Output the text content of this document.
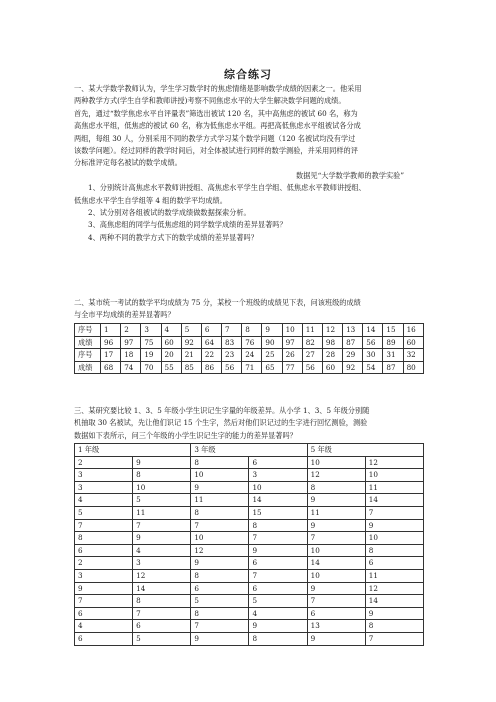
综合练习
一、某大学数学教师认为，学生学习数学时的焦虑情绪是影响数学成绩的因素之一。他采用
两种教学方式(学生自学和教师讲授)考察不同焦虑水平的大学生解决数学问题的成绩。
首先，通过“数学焦虑水平自评量表”筛选出被试 120 名，其中高焦虑的被试 60 名，称为
高焦虑水平组，低焦虑的被试 60 名，称为低焦虑水平组。再把高低焦虑水平组被试各分成
两组，每组 30 人，分别采用不同的教学方式学习某个数学问题（120 名被试均没有学过
该数学问题）。经过同样的教学时间后，对全体被试进行同样的数学测验，并采用同样的评
分标准评定每名被试的数学成绩。
数据见“大学数学教师的教学实验”
1、分别统计高焦虑水平教师讲授组、高焦虑水平学生自学组、低焦虑水平教师讲授组、
低焦虑水平学生自学组等 4 组的数学平均成绩。
2、试分别对各组被试的数学成绩做数据探索分析。
3、高焦虑组的同学与低焦虑组的同学数学成绩的差异显著吗？
4、两种不同的教学方式下的数学成绩的差异显著吗？
二、某市统一考试的数学平均成绩为 75 分，某校一个班级的成绩见下表，问该班级的成绩
与全市平均成绩的差异显著吗？
序号	1	2	3	4	5	6	7	8	9	10	11	12	13	14	15	16
成绩	96	97	75	60	92	64	83	76	90	97	82	98	87	56	89	60
序号	17	18	19	20	21	22	23	24	25	26	27	28	29	30	31	32
成绩	68	74	70	55	85	86	56	71	65	77	56	60	92	54	87	80
三、某研究要比较 1、3、5 年级小学生识记生字量的年级差异。从小学 1、3、5 年级分别随
机抽取 30 名被试，先让他们识记 15 个生字，然后对他们识记过的生字进行回忆测验，测验
数据如下表所示，问三个年级的小学生识记生字的能力的差异显著吗？
1 年级		3 年级		5 年级	
2	9	8	6	10	12
3	8	10	3	12	10
3	10	9	10	8	11
4	5	11	14	9	14
5	11	8	15	11	7
7	7	7	8	9	9
8	9	10	7	7	10
6	4	12	9	10	8
2	3	9	6	14	6
3	12	8	7	10	11
9	14	6	6	9	12
7	8	5	5	7	14
6	7	8	4	6	9
4	6	7	9	13	8
6	5	9	8	9	7
